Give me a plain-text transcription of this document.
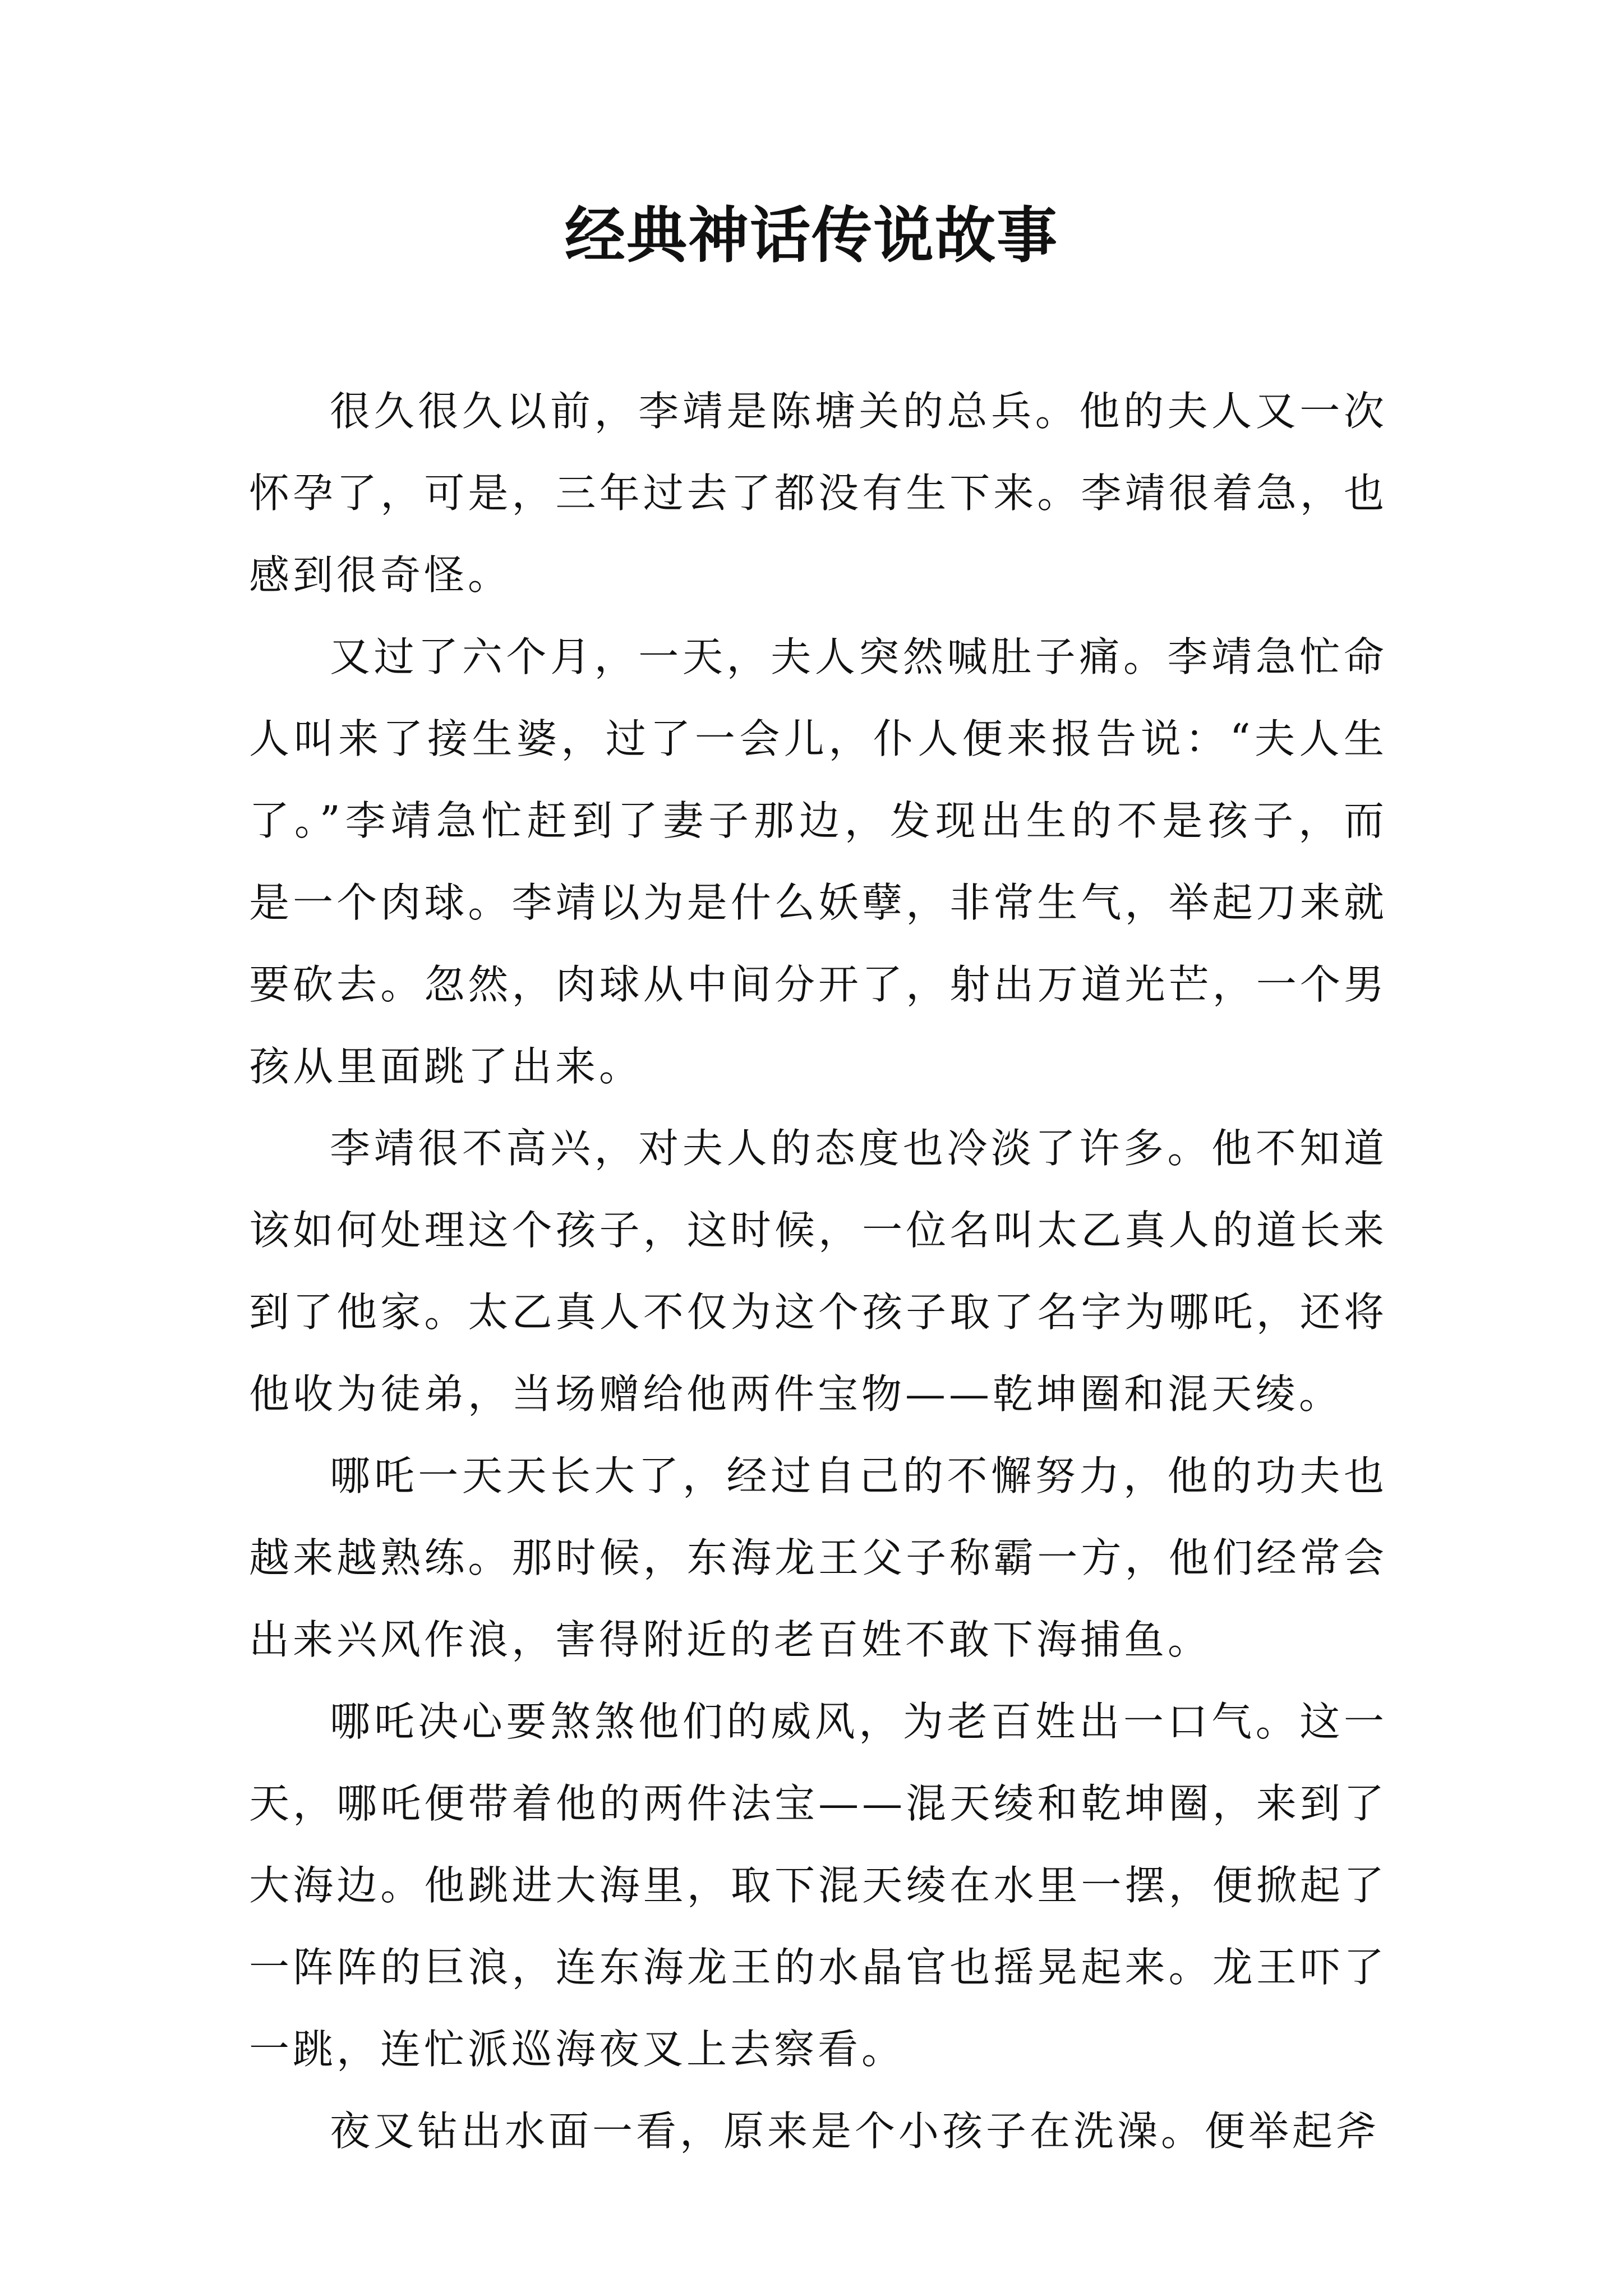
经典神话传说故事

很久很久以前，李靖是陈塘关的总兵。他的夫人又一次怀孕了，可是，三年过去了都没有生下来。李靖很着急，也感到很奇怪。

又过了六个月，一天，夫人突然喊肚子痛。李靖急忙命人叫来了接生婆，过了一会儿，仆人便来报告说：“夫人生了。”李靖急忙赶到了妻子那边，发现出生的不是孩子，而是一个肉球。李靖以为是什么妖孽，非常生气，举起刀来就要砍去。忽然，肉球从中间分开了，射出万道光芒，一个男孩从里面跳了出来。

李靖很不高兴，对夫人的态度也冷淡了许多。他不知道该如何处理这个孩子，这时候，一位名叫太乙真人的道长来到了他家。太乙真人不仅为这个孩子取了名字为哪吒，还将他收为徒弟，当场赠给他两件宝物——乾坤圈和混天绫。

哪吒一天天长大了，经过自己的不懈努力，他的功夫也越来越熟练。那时候，东海龙王父子称霸一方，他们经常会出来兴风作浪，害得附近的老百姓不敢下海捕鱼。

哪吒决心要煞煞他们的威风，为老百姓出一口气。这一天，哪吒便带着他的两件法宝——混天绫和乾坤圈，来到了大海边。他跳进大海里，取下混天绫在水里一摆，便掀起了一阵阵的巨浪，连东海龙王的水晶官也摇晃起来。龙王吓了一跳，连忙派巡海夜叉上去察看。

夜叉钻出水面一看，原来是个小孩子在洗澡。便举起斧
